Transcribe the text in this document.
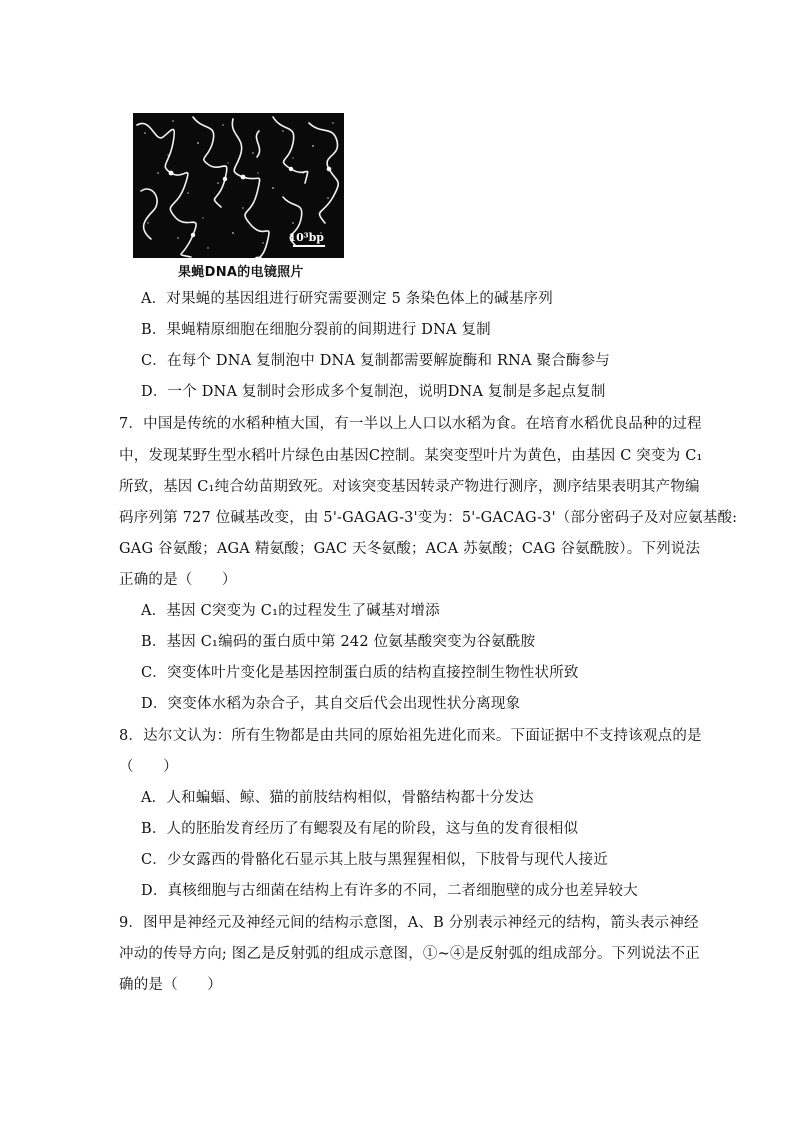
10³bp
果蝇DNA的电镜照片
A．对果蝇的基因组进行研究需要测定 5 条染色体上的碱基序列
B．果蝇精原细胞在细胞分裂前的间期进行 DNA 复制
C．在每个 DNA 复制泡中 DNA 复制都需要解旋酶和 RNA 聚合酶参与
D．一个 DNA 复制时会形成多个复制泡，说明DNA 复制是多起点复制
7．中国是传统的水稻种植大国，有一半以上人口以水稻为食。在培育水稻优良品种的过程
中，发现某野生型水稻叶片绿色由基因C控制。某突变型叶片为黄色，由基因 C 突变为 C₁
所致，基因 C₁纯合幼苗期致死。对该突变基因转录产物进行测序，测序结果表明其产物编
码序列第 727 位碱基改变，由 5'-GAGAG-3'变为：5'-GACAG-3'（部分密码子及对应氨基酸:
GAG 谷氨酸；AGA 精氨酸；GAC 天冬氨酸；ACA 苏氨酸；CAG 谷氨酰胺）。下列说法
正确的是（　　）
A．基因 C突变为 C₁的过程发生了碱基对增添
B．基因 C₁编码的蛋白质中第 242 位氨基酸突变为谷氨酰胺
C．突变体叶片变化是基因控制蛋白质的结构直接控制生物性状所致
D．突变体水稻为杂合子，其自交后代会出现性状分离现象
8．达尔文认为：所有生物都是由共同的原始祖先进化而来。下面证据中不支持该观点的是
（　　）
A．人和蝙蝠、鲸、猫的前肢结构相似，骨骼结构都十分发达
B．人的胚胎发育经历了有鳃裂及有尾的阶段，这与鱼的发育很相似
C．少女露西的骨骼化石显示其上肢与黑猩猩相似，下肢骨与现代人接近
D．真核细胞与古细菌在结构上有许多的不同，二者细胞壁的成分也差异较大
9．图甲是神经元及神经元间的结构示意图，A、B 分别表示神经元的结构，箭头表示神经
冲动的传导方向; 图乙是反射弧的组成示意图，①~④是反射弧的组成部分。下列说法不正
确的是（　　）
